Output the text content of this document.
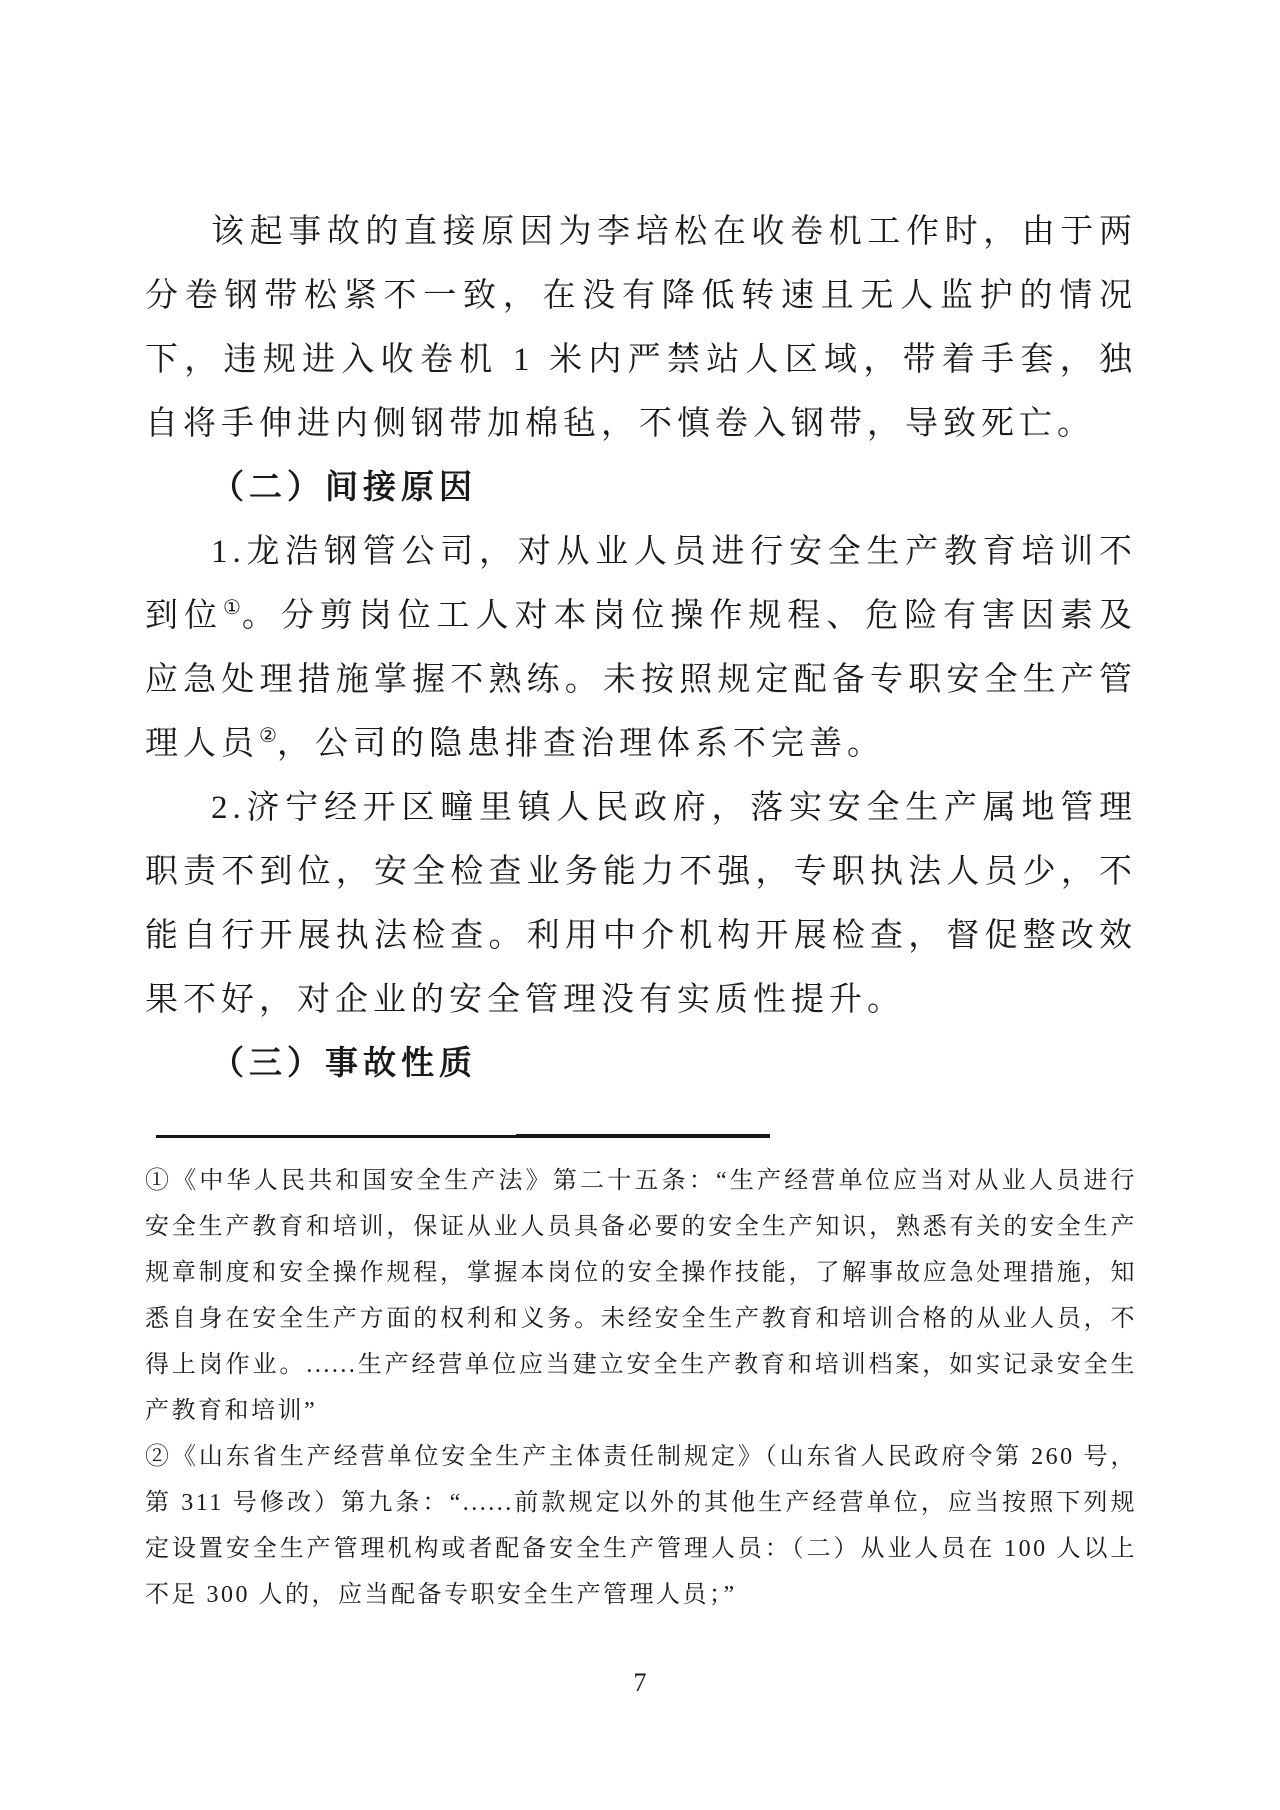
该起事故的直接原因为李培松在收卷机工作时，由于两分卷钢带松紧不一致，在没有降低转速且无人监护的情况下，违规进入收卷机 1 米内严禁站人区域，带着手套，独自将手伸进内侧钢带加棉毡，不慎卷入钢带，导致死亡。

（二）间接原因

1.龙浩钢管公司，对从业人员进行安全生产教育培训不到位①。分剪岗位工人对本岗位操作规程、危险有害因素及应急处理措施掌握不熟练。未按照规定配备专职安全生产管理人员②，公司的隐患排查治理体系不完善。

2.济宁经开区疃里镇人民政府，落实安全生产属地管理职责不到位，安全检查业务能力不强，专职执法人员少，不能自行开展执法检查。利用中介机构开展检查，督促整改效果不好，对企业的安全管理没有实质性提升。

（三）事故性质

①《中华人民共和国安全生产法》第二十五条：“生产经营单位应当对从业人员进行安全生产教育和培训，保证从业人员具备必要的安全生产知识，熟悉有关的安全生产规章制度和安全操作规程，掌握本岗位的安全操作技能，了解事故应急处理措施，知悉自身在安全生产方面的权利和义务。未经安全生产教育和培训合格的从业人员，不得上岗作业。......生产经营单位应当建立安全生产教育和培训档案，如实记录安全生产教育和培训”

②《山东省生产经营单位安全生产主体责任制规定》（山东省人民政府令第 260 号，第 311 号修改）第九条：“......前款规定以外的其他生产经营单位，应当按照下列规定设置安全生产管理机构或者配备安全生产管理人员：（二）从业人员在 100 人以上不足 300 人的，应当配备专职安全生产管理人员；”

7
